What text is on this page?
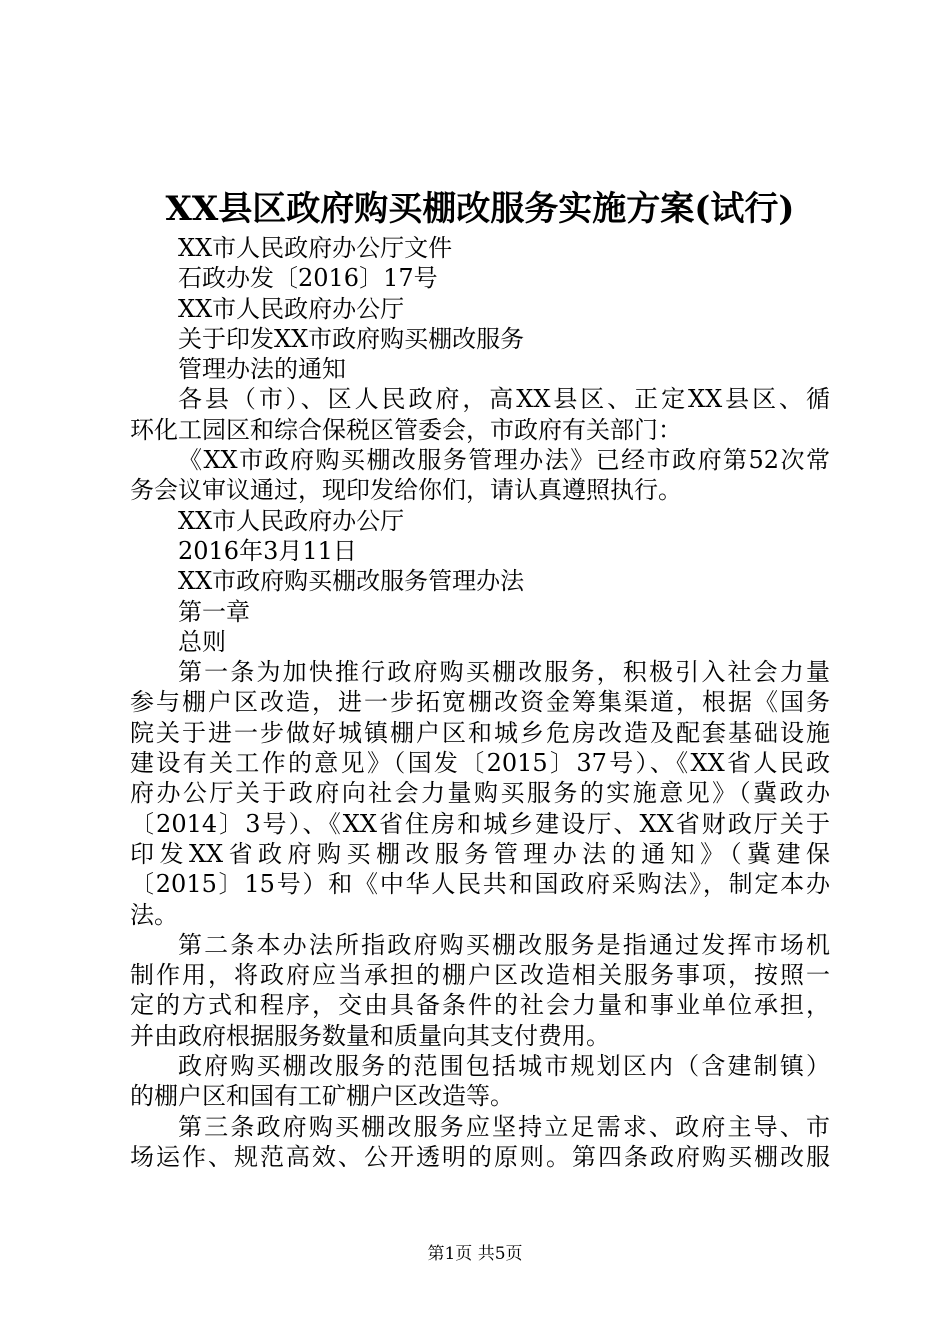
XX县区政府购买棚改服务实施方案(试行)
XX市人民政府办公厅文件
石政办发〔2016〕17号
XX市人民政府办公厅
关于印发XX市政府购买棚改服务
管理办法的通知
各县（市）、区人民政府，高XX县区、正定XX县区、循
环化工园区和综合保税区管委会，市政府有关部门：
《XX市政府购买棚改服务管理办法》已经市政府第52次常
务会议审议通过，现印发给你们，请认真遵照执行。
XX市人民政府办公厅
2016年3月11日
XX市政府购买棚改服务管理办法
第一章
总则
第一条为加快推行政府购买棚改服务，积极引入社会力量
参与棚户区改造，进一步拓宽棚改资金筹集渠道，根据《国务
院关于进一步做好城镇棚户区和城乡危房改造及配套基础设施
建设有关工作的意见》（国发〔2015〕37号）、《XX省人民政
府办公厅关于政府向社会力量购买服务的实施意见》（冀政办
〔2014〕3号）、《XX省住房和城乡建设厅、XX省财政厅关于
印发XX省政府购买棚改服务管理办法的通知》（冀建保
〔2015〕15号）和《中华人民共和国政府采购法》，制定本办
法。
第二条本办法所指政府购买棚改服务是指通过发挥市场机
制作用，将政府应当承担的棚户区改造相关服务事项，按照一
定的方式和程序，交由具备条件的社会力量和事业单位承担，
并由政府根据服务数量和质量向其支付费用。
政府购买棚改服务的范围包括城市规划区内（含建制镇）
的棚户区和国有工矿棚户区改造等。
第三条政府购买棚改服务应坚持立足需求、政府主导、市
场运作、规范高效、公开透明的原则。第四条政府购买棚改服
第1页 共5页
